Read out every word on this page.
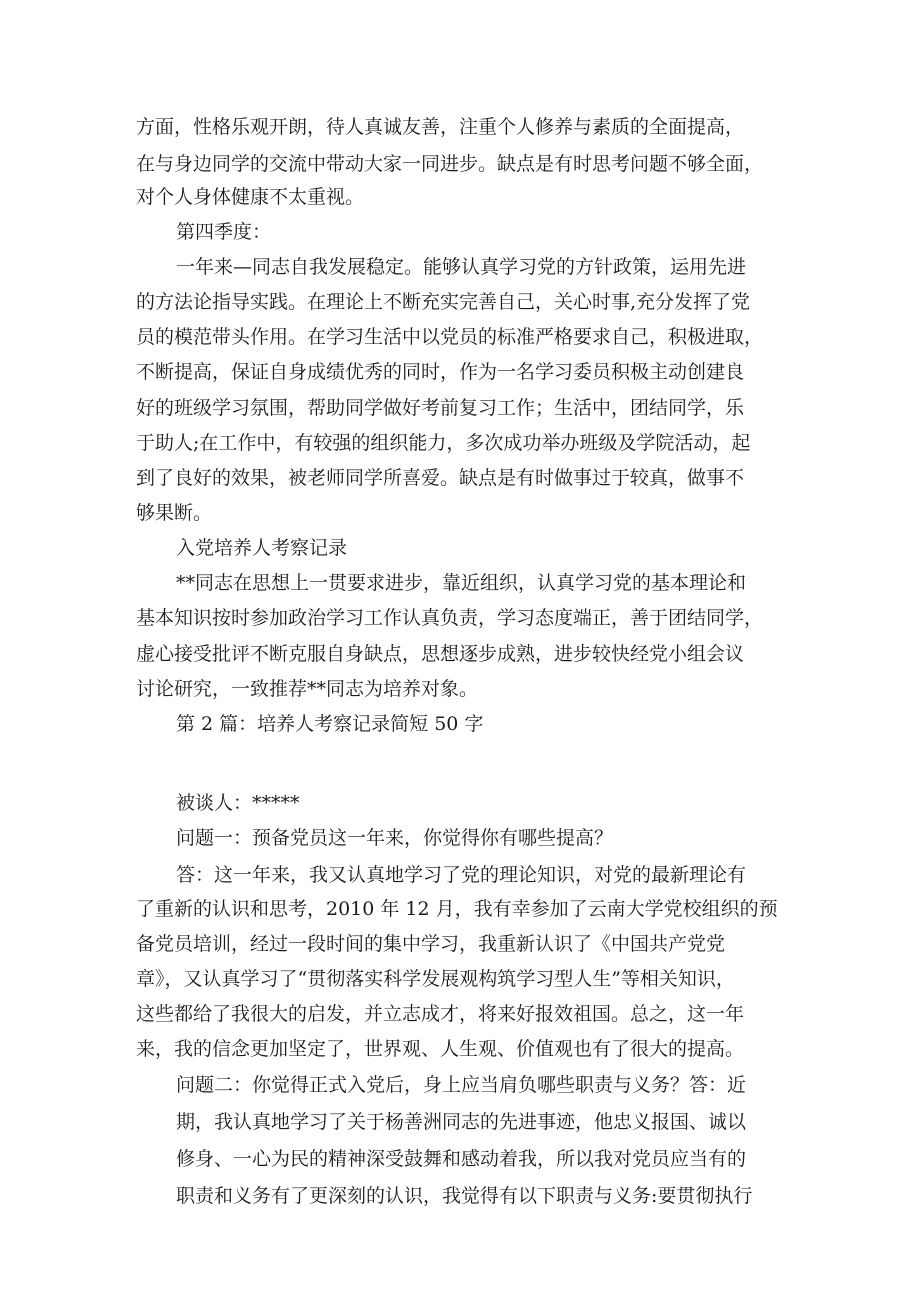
方面，性格乐观开朗，待人真诚友善，注重个人修养与素质的全面提高，
在与身边同学的交流中带动大家一同进步。缺点是有时思考问题不够全面，
对个人身体健康不太重视。
第四季度：
一年来—同志自我发展稳定。能够认真学习党的方针政策，运用先进
的方法论指导实践。在理论上不断充实完善自己，关心时事,充分发挥了党
员的模范带头作用。在学习生活中以党员的标准严格要求自己，积极进取，
不断提高，保证自身成绩优秀的同时，作为一名学习委员积极主动创建良
好的班级学习氛围，帮助同学做好考前复习工作；生活中，团结同学，乐
于助人;在工作中，有较强的组织能力，多次成功举办班级及学院活动，起
到了良好的效果，被老师同学所喜爱。缺点是有时做事过于较真，做事不
够果断。
入党培养人考察记录
**同志在思想上一贯要求进步，靠近组织，认真学习党的基本理论和
基本知识按时参加政治学习工作认真负责，学习态度端正，善于团结同学，
虚心接受批评不断克服自身缺点，思想逐步成熟，进步较快经党小组会议
讨论研究，一致推荐**同志为培养对象。
第 2 篇：培养人考察记录简短 50 字
被谈人：*****
问题一：预备党员这一年来，你觉得你有哪些提高？
答：这一年来，我又认真地学习了党的理论知识，对党的最新理论有
了重新的认识和思考，2010 年 12 月，我有幸参加了云南大学党校组织的预
备党员培训，经过一段时间的集中学习，我重新认识了《中国共产党党
章》，又认真学习了“贯彻落实科学发展观构筑学习型人生”等相关知识，
这些都给了我很大的启发，并立志成才，将来好报效祖国。总之，这一年
来，我的信念更加坚定了，世界观、人生观、价值观也有了很大的提高。
问题二：你觉得正式入党后，身上应当肩负哪些职责与义务？答：近
期，我认真地学习了关于杨善洲同志的先进事迹，他忠义报国、诚以
修身、一心为民的精神深受鼓舞和感动着我，所以我对党员应当有的
职责和义务有了更深刻的认识，我觉得有以下职责与义务:要贯彻执行
